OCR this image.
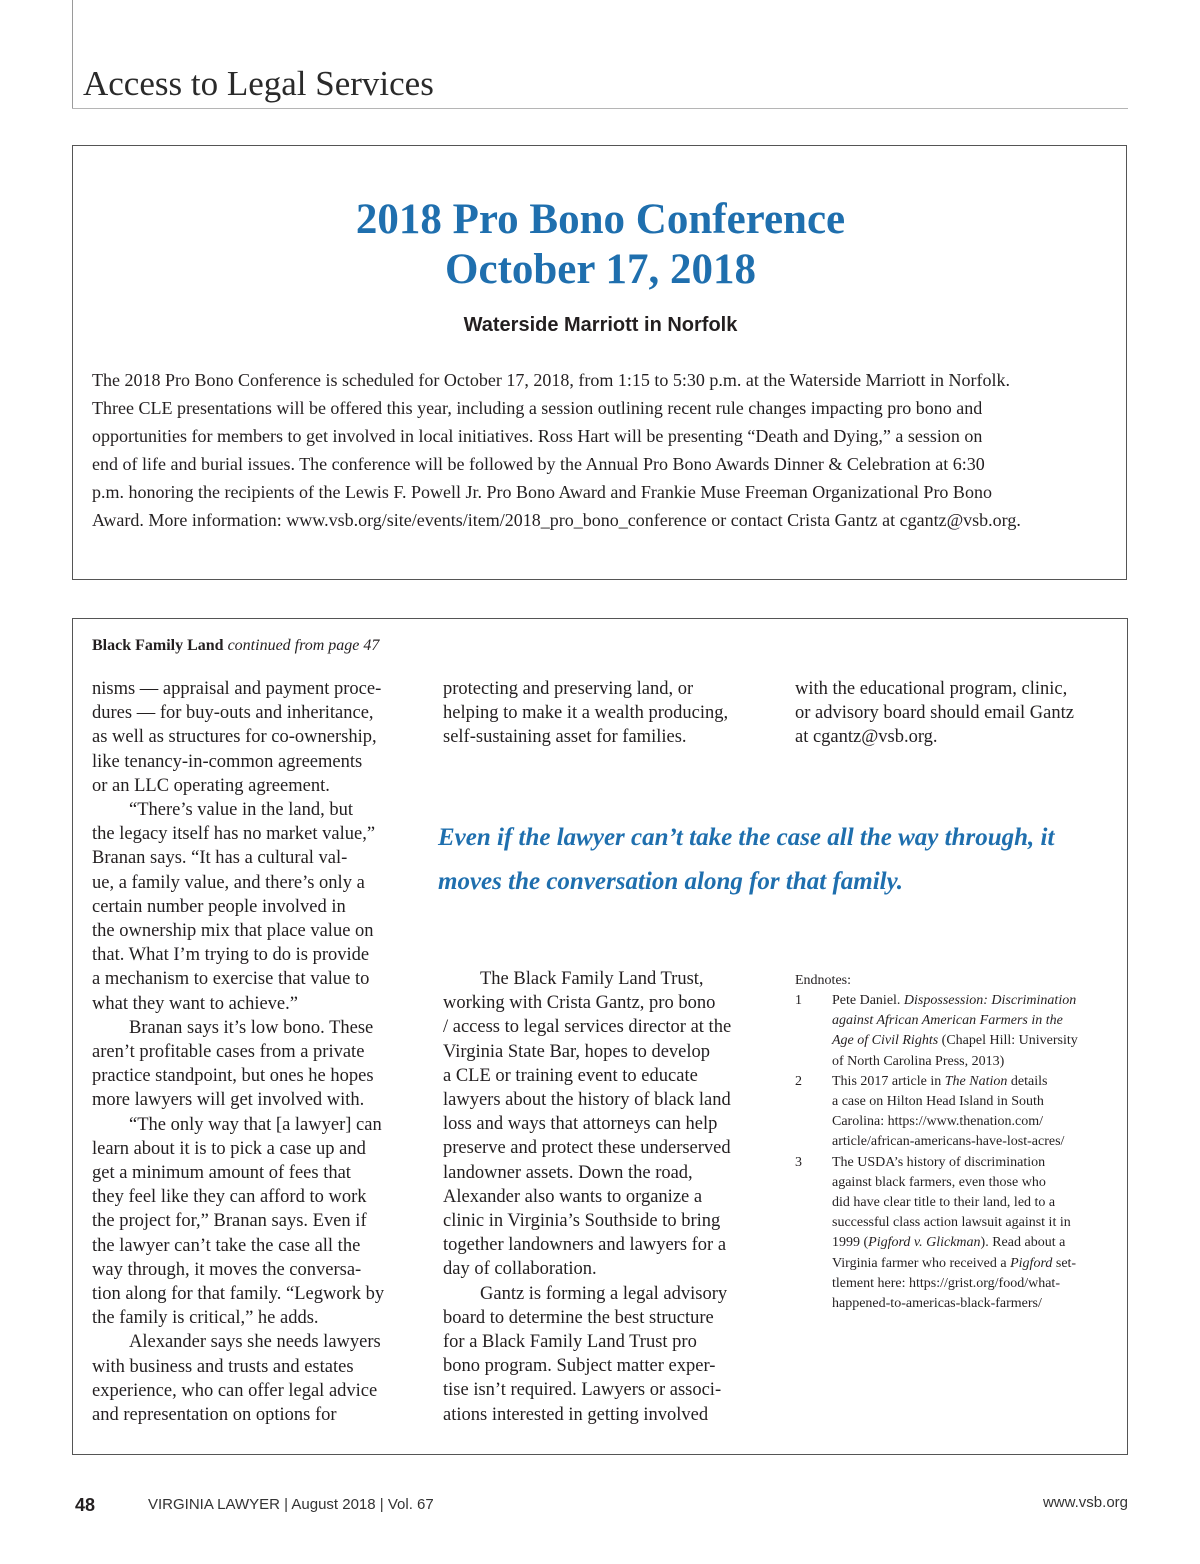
Access to Legal Services
2018 Pro Bono Conference
October 17, 2018
Waterside Marriott in Norfolk
The 2018 Pro Bono Conference is scheduled for October 17, 2018, from 1:15 to 5:30 p.m. at the Waterside Marriott in Norfolk.
Three CLE presentations will be offered this year, including a session outlining recent rule changes impacting pro bono and
opportunities for members to get involved in local initiatives. Ross Hart will be presenting “Death and Dying,” a session on
end of life and burial issues. The conference will be followed by the Annual Pro Bono Awards Dinner & Celebration at 6:30
p.m. honoring the recipients of the Lewis F. Powell Jr. Pro Bono Award and Frankie Muse Freeman Organizational Pro Bono
Award. More information: www.vsb.org/site/events/item/2018_pro_bono_conference or contact Crista Gantz at cgantz@vsb.org.
Black Family Land continued from page 47
nisms — appraisal and payment proce-
dures — for buy-outs and inheritance,
as well as structures for co-ownership,
like tenancy-in-common agreements
or an LLC operating agreement.
“There’s value in the land, but
the legacy itself has no market value,”
Branan says. “It has a cultural val-
ue, a family value, and there’s only a
certain number people involved in
the ownership mix that place value on
that. What I’m trying to do is provide
a mechanism to exercise that value to
what they want to achieve.”
Branan says it’s low bono. These
aren’t profitable cases from a private
practice standpoint, but ones he hopes
more lawyers will get involved with.
“The only way that [a lawyer] can
learn about it is to pick a case up and
get a minimum amount of fees that
they feel like they can afford to work
the project for,” Branan says. Even if
the lawyer can’t take the case all the
way through, it moves the conversa-
tion along for that family. “Legwork by
the family is critical,” he adds.
Alexander says she needs lawyers
with business and trusts and estates
experience, who can offer legal advice
and representation on options for
protecting and preserving land, or
helping to make it a wealth producing,
self-sustaining asset for families.
with the educational program, clinic,
or advisory board should email Gantz
at cgantz@vsb.org.
Even if the lawyer can’t take the case all the way through, it
moves the conversation along for that family.
The Black Family Land Trust,
working with Crista Gantz, pro bono
/ access to legal services director at the
Virginia State Bar, hopes to develop
a CLE or training event to educate
lawyers about the history of black land
loss and ways that attorneys can help
preserve and protect these underserved
landowner assets. Down the road,
Alexander also wants to organize a
clinic in Virginia’s Southside to bring
together landowners and lawyers for a
day of collaboration.
Gantz is forming a legal advisory
board to determine the best structure
for a Black Family Land Trust pro
bono program. Subject matter exper-
tise isn’t required. Lawyers or associ-
ations interested in getting involved
Endnotes:
1 Pete Daniel. Dispossession: Discrimination
against African American Farmers in the
Age of Civil Rights (Chapel Hill: University
of North Carolina Press, 2013)
2 This 2017 article in The Nation details
a case on Hilton Head Island in South
Carolina: https://www.thenation.com/
article/african-americans-have-lost-acres/
3 The USDA’s history of discrimination
against black farmers, even those who
did have clear title to their land, led to a
successful class action lawsuit against it in
1999 (Pigford v. Glickman). Read about a
Virginia farmer who received a Pigford set-
tlement here: https://grist.org/food/what-
happened-to-americas-black-farmers/
48	VIRGINIA LAWYER | August 2018 | Vol. 67	www.vsb.org
